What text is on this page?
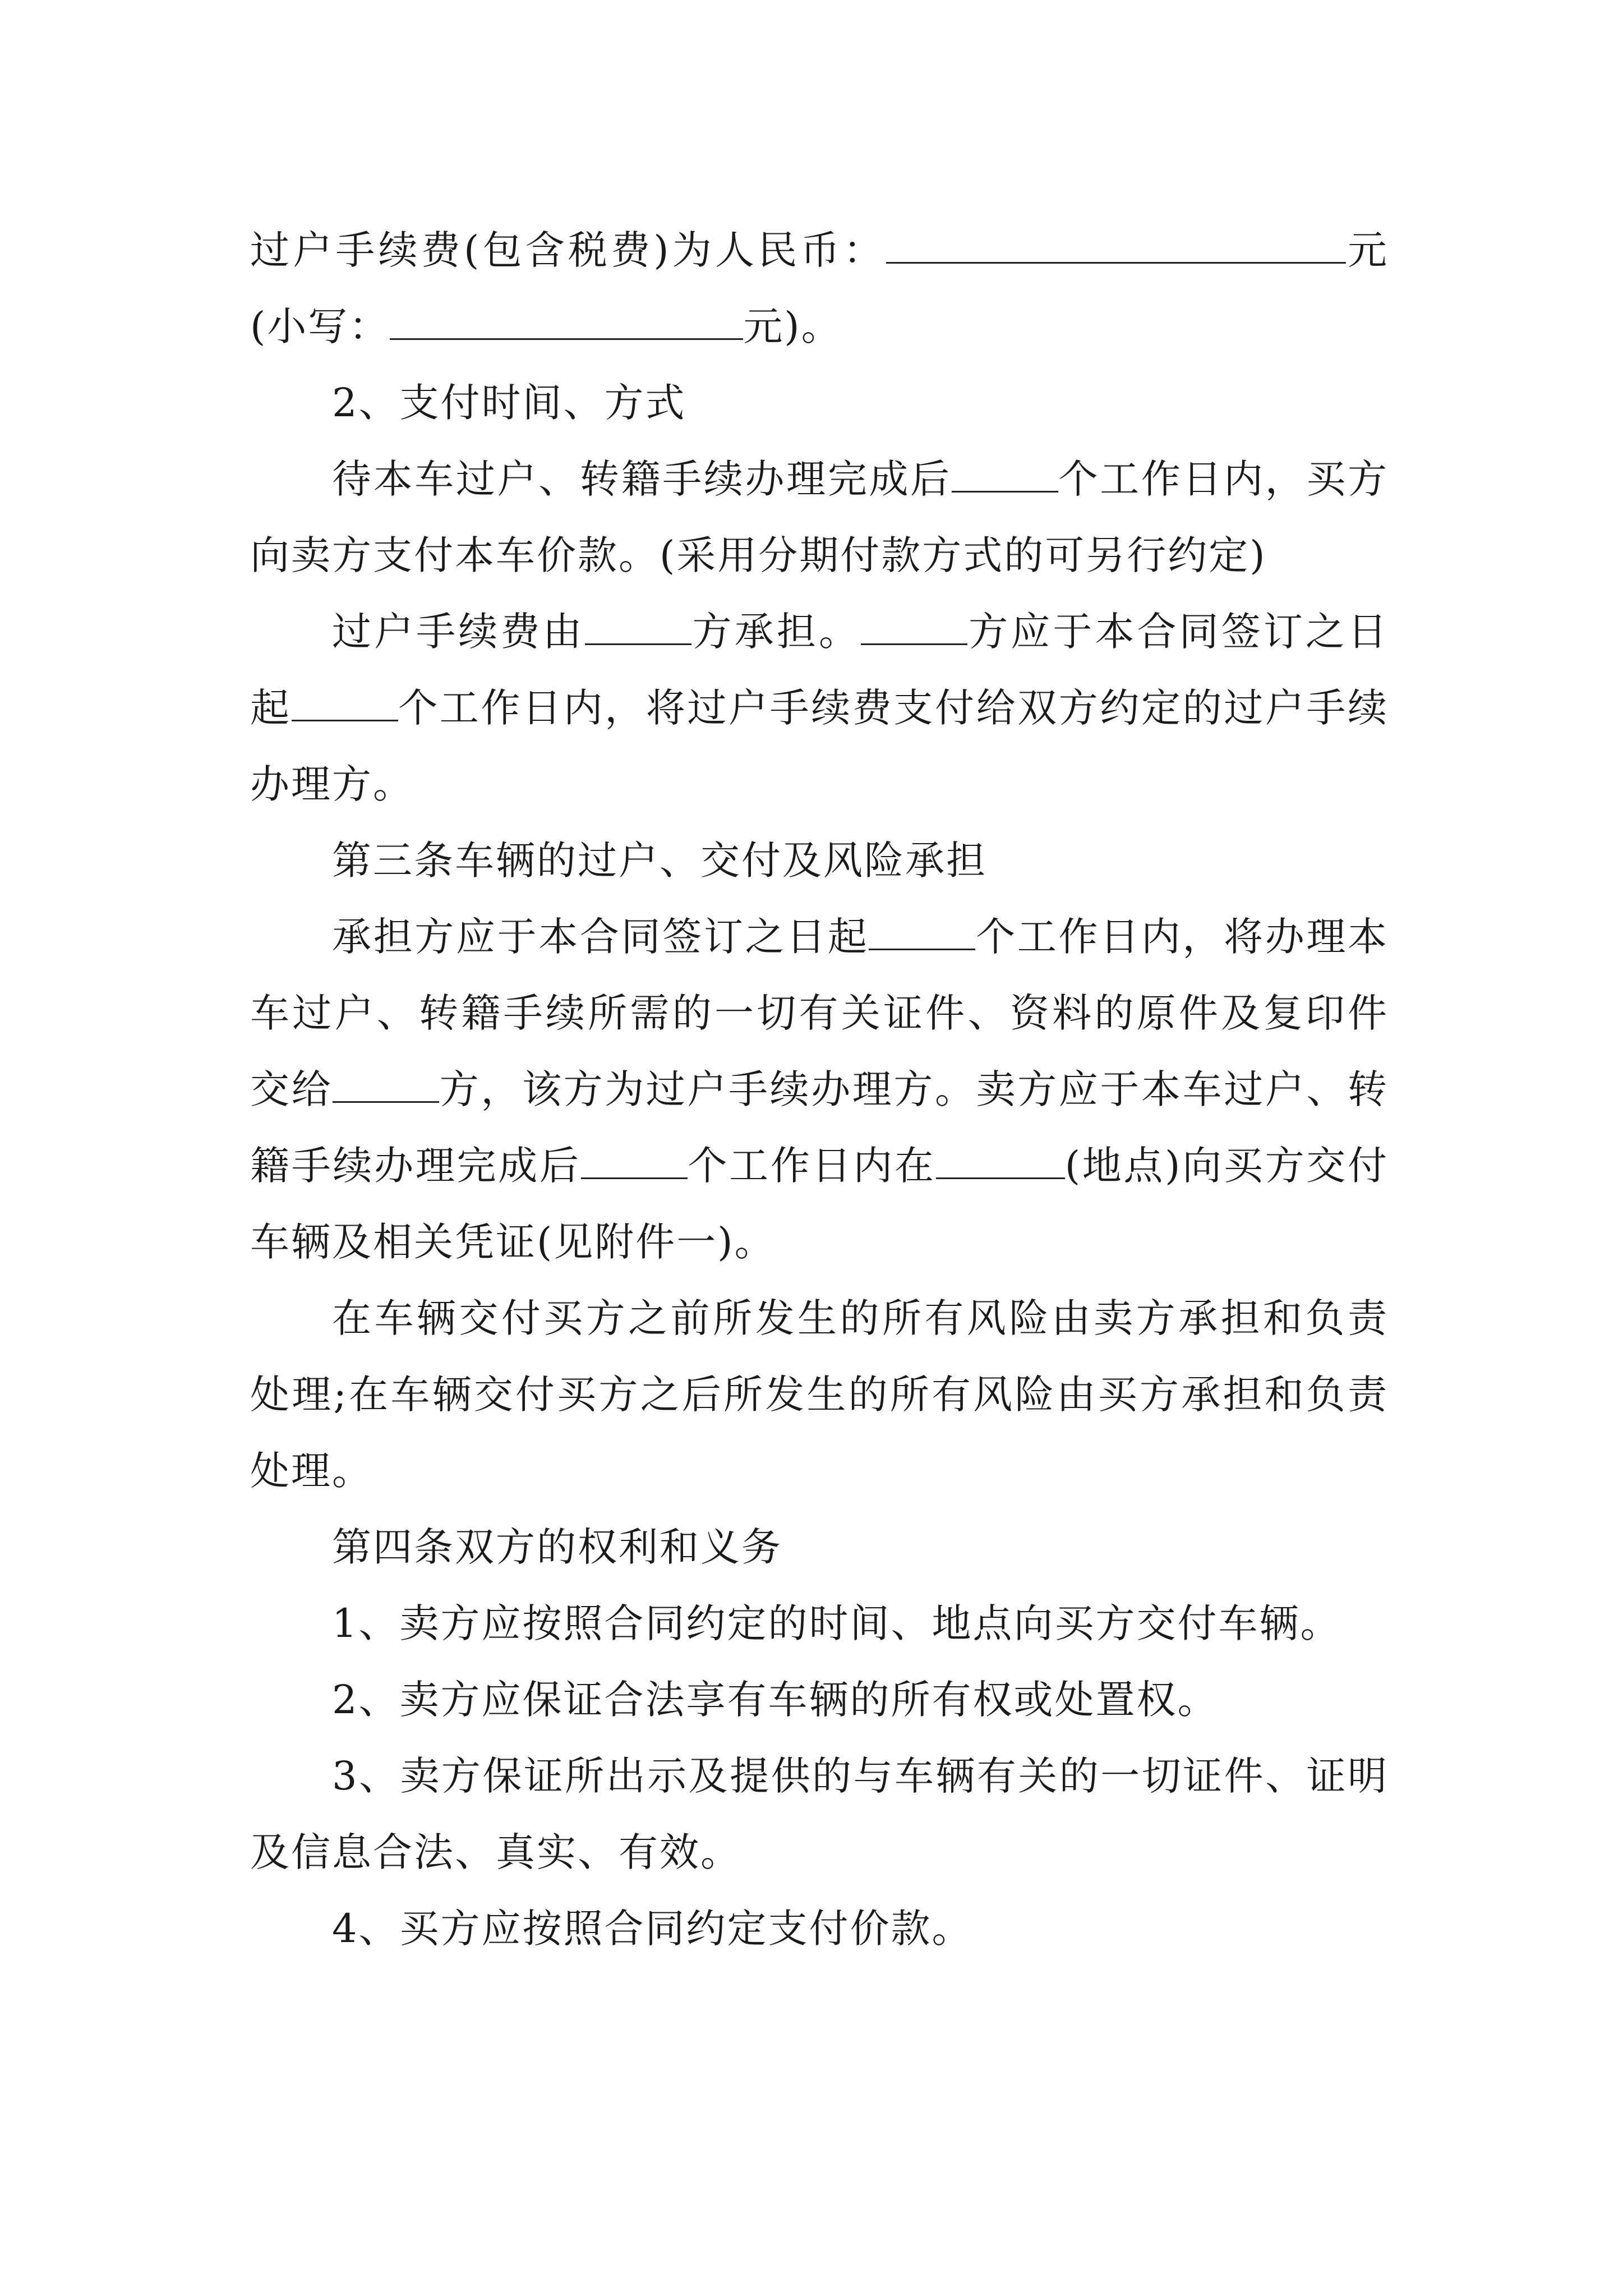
过户手续费(包含税费)为人民币：	元(小写：	元)。

2、支付时间、方式

待本车过户、转籍手续办理完成后	个工作日内，买方向卖方支付本车价款。(采用分期付款方式的可另行约定)

过户手续费由	方承担。	方应于本合同签订之日起	个工作日内，将过户手续费支付给双方约定的过户手续办理方。

第三条车辆的过户、交付及风险承担

承担方应于本合同签订之日起	个工作日内，将办理本车过户、转籍手续所需的一切有关证件、资料的原件及复印件交给	方，该方为过户手续办理方。卖方应于本车过户、转籍手续办理完成后	个工作日内在	(地点)向买方交付车辆及相关凭证(见附件一)。

在车辆交付买方之前所发生的所有风险由卖方承担和负责处理;在车辆交付买方之后所发生的所有风险由买方承担和负责处理。

第四条双方的权利和义务

1、卖方应按照合同约定的时间、地点向买方交付车辆。

2、卖方应保证合法享有车辆的所有权或处置权。

3、卖方保证所出示及提供的与车辆有关的一切证件、证明及信息合法、真实、有效。

4、买方应按照合同约定支付价款。
